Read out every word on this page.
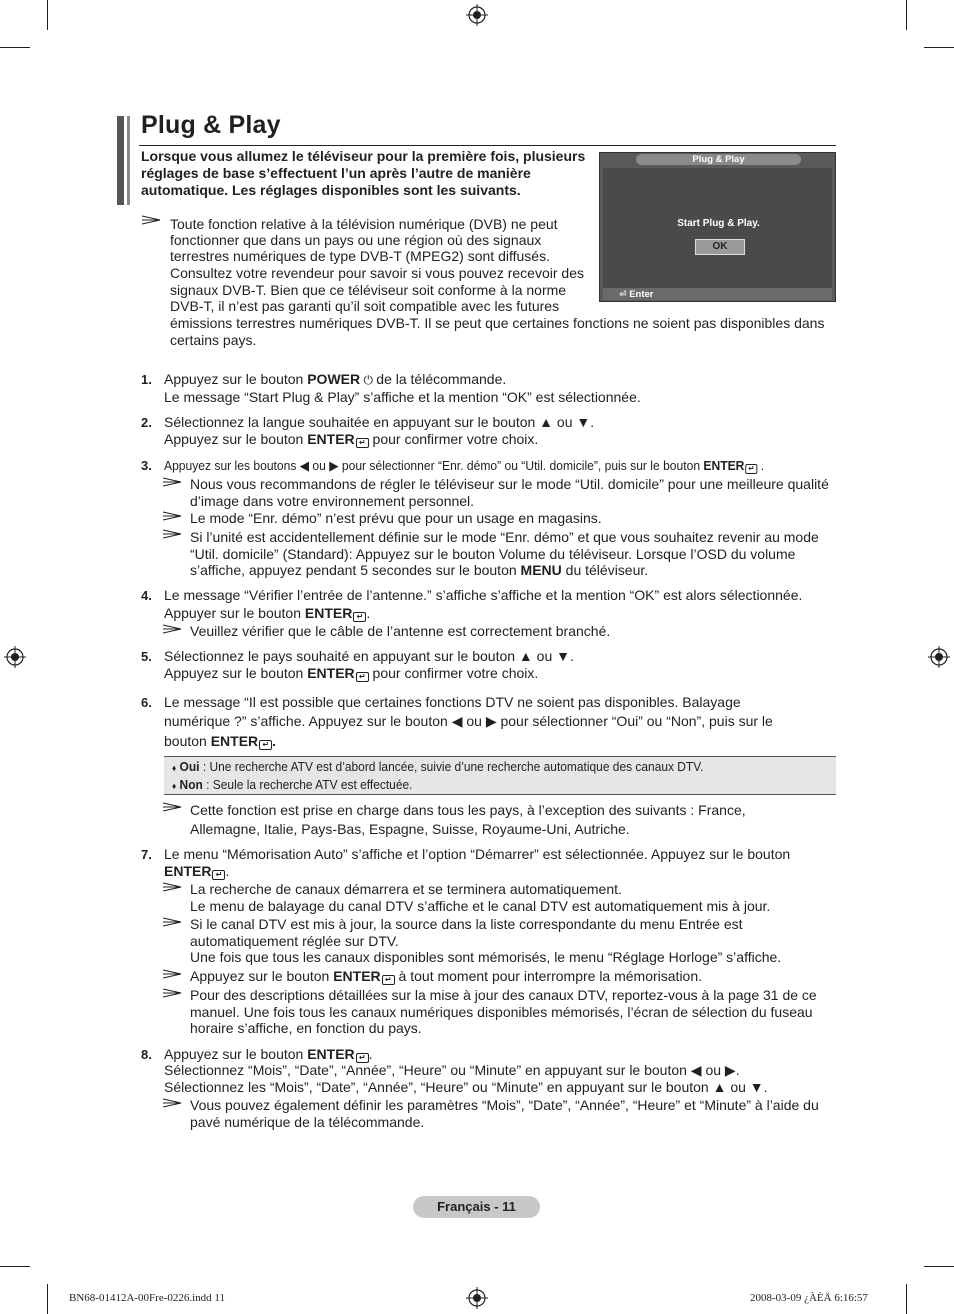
Plug & Play
Lorsque vous allumez le téléviseur pour la première fois, plusieurs réglages de base s’effectuent l’un après l’autre de manière automatique. Les réglages disponibles sont les suivants.
Toute fonction relative à la télévision numérique (DVB) ne peut
fonctionner que dans un pays ou une région où des signaux
terrestres numériques de type DVB-T (MPEG2) sont diffusés.
Consultez votre revendeur pour savoir si vous pouvez recevoir des
signaux DVB-T. Bien que ce téléviseur soit conforme à la norme
DVB-T, il n’est pas garanti qu’il soit compatible avec les futures
émissions terrestres numériques DVB-T. Il se peut que certaines fonctions ne soient pas disponibles dans certains pays.
Plug & Play
Start Plug & Play.
OK
⏎ Enter
1. Appuyez sur le bouton POWER ⏻ de la télécommande.
Le message “Start Plug & Play” s’affiche et la mention “OK” est sélectionnée.
2. Sélectionnez la langue souhaitée en appuyant sur le bouton ▲ ou ▼.
Appuyez sur le bouton ENTER ↵ pour confirmer votre choix.
3. Appuyez sur les boutons ◀ ou ▶ pour sélectionner “Enr. démo” ou “Util. domicile”, puis sur le bouton ENTER ↵ .
Nous vous recommandons de régler le téléviseur sur le mode “Util. domicile” pour une meilleure qualité d’image dans votre environnement personnel.
Le mode “Enr. démo” n’est prévu que pour un usage en magasins.
Si l’unité est accidentellement définie sur le mode “Enr. démo” et que vous souhaitez revenir au mode “Util. domicile” (Standard): Appuyez sur le bouton Volume du téléviseur. Lorsque l’OSD du volume s’affiche, appuyez pendant 5 secondes sur le bouton MENU du téléviseur.
4. Le message “Vérifier l’entrée de l’antenne.” s’affiche s’affiche et la mention “OK” est alors sélectionnée.
Appuyer sur le bouton ENTER ↵ .
Veuillez vérifier que le câble de l’antenne est correctement branché.
5. Sélectionnez le pays souhaité en appuyant sur le bouton ▲ ou ▼.
Appuyez sur le bouton ENTER ↵ pour confirmer votre choix.
6. Le message “Il est possible que certaines fonctions DTV ne soient pas disponibles. Balayage
numérique ?” s’affiche. Appuyez sur le bouton ◀ ou ▶ pour sélectionner “Oui” ou “Non”, puis sur le
bouton ENTER ↵ .
♦ Oui : Une recherche ATV est d’abord lancée, suivie d’une recherche automatique des canaux DTV.
♦ Non : Seule la recherche ATV est effectuée.
Cette fonction est prise en charge dans tous les pays, à l’exception des suivants : France, Allemagne, Italie, Pays-Bas, Espagne, Suisse, Royaume-Uni, Autriche.
7. Le menu “Mémorisation Auto” s’affiche et l’option “Démarrer” est sélectionnée. Appuyez sur le bouton
ENTER ↵ .
La recherche de canaux démarrera et se terminera automatiquement.
Le menu de balayage du canal DTV s’affiche et le canal DTV est automatiquement mis à jour.
Si le canal DTV est mis à jour, la source dans la liste correspondante du menu Entrée est automatiquement réglée sur DTV.
Une fois que tous les canaux disponibles sont mémorisés, le menu “Réglage Horloge” s’affiche.
Appuyez sur le bouton ENTER ↵ à tout moment pour interrompre la mémorisation.
Pour des descriptions détaillées sur la mise à jour des canaux DTV, reportez-vous à la page 31 de ce manuel. Une fois tous les canaux numériques disponibles mémorisés, l’écran de sélection du fuseau horaire s’affiche, en fonction du pays.
8. Appuyez sur le bouton ENTER ↵ .
Sélectionnez “Mois”, “Date”, “Année”, “Heure” ou “Minute” en appuyant sur le bouton ◀ ou ▶.
Sélectionnez les “Mois”, “Date”, “Année”, “Heure” ou “Minute” en appuyant sur le bouton ▲ ou ▼.
Vous pouvez également définir les paramètres “Mois”, “Date”, “Année”, “Heure” et “Minute” à l’aide du pavé numérique de la télécommande.
Français - 11
BN68-01412A-00Fre-0226.indd 11	2008-03-09 ¿ÀÈÄ 6:16:57
